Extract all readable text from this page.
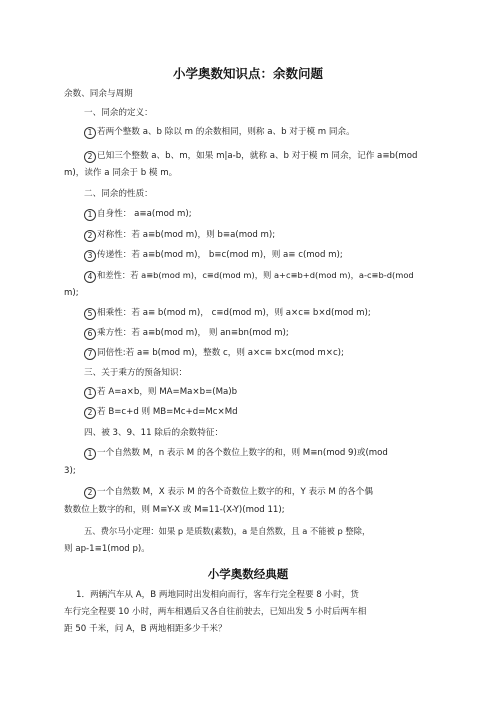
小学奥数知识点：余数问题
余数、同余与周期
一、同余的定义：
1 若两个整数 a、b 除以 m 的余数相同，则称 a、b 对于模 m 同余。
2 已知三个整数 a、b、m，如果 m|a-b，就称 a、b 对于模 m 同余，记作 a≡b(mod
m)，读作 a 同余于 b 模 m。
二、同余的性质：
1 自身性： a≡a(mod m);
2 对称性：若 a≡b(mod m)，则 b≡a(mod m);
3 传递性：若 a≡b(mod m)， b≡c(mod m)，则 a≡ c(mod m);
4 和差性：若 a≡b(mod m)，c≡d(mod m)，则 a+c≡b+d(mod m)，a-c≡b-d(mod
m);
5 相乘性：若 a≡ b(mod m)， c≡d(mod m)，则 a×c≡ b×d(mod m);
6 乘方性：若 a≡b(mod m)， 则 an≡bn(mod m);
7 同倍性:若 a≡ b(mod m)，整数 c，则 a×c≡ b×c(mod m×c);
三、关于乘方的预备知识：
1 若 A=a×b，则 MA=Ma×b=(Ma)b
2 若 B=c+d 则 MB=Mc+d=Mc×Md
四、被 3、9、11 除后的余数特征：
1 一个自然数 M，n 表示 M 的各个数位上数字的和，则 M≡n(mod 9)或(mod
3);
2 一个自然数 M，X 表示 M 的各个奇数位上数字的和，Y 表示 M 的各个偶
数数位上数字的和，则 M≡Y-X 或 M≡11-(X-Y)(mod 11);
五、费尔马小定理：如果 p 是质数(素数)，a 是自然数，且 a 不能被 p 整除，
则 ap-1≡1(mod p)。
小学奥数经典题
1．两辆汽车从 A，B 两地同时出发相向而行，客车行完全程要 8 小时，货
车行完全程要 10 小时，两车相遇后又各自往前驶去，已知出发 5 小时后两车相
距 50 千米，问 A，B 两地相距多少千米？
